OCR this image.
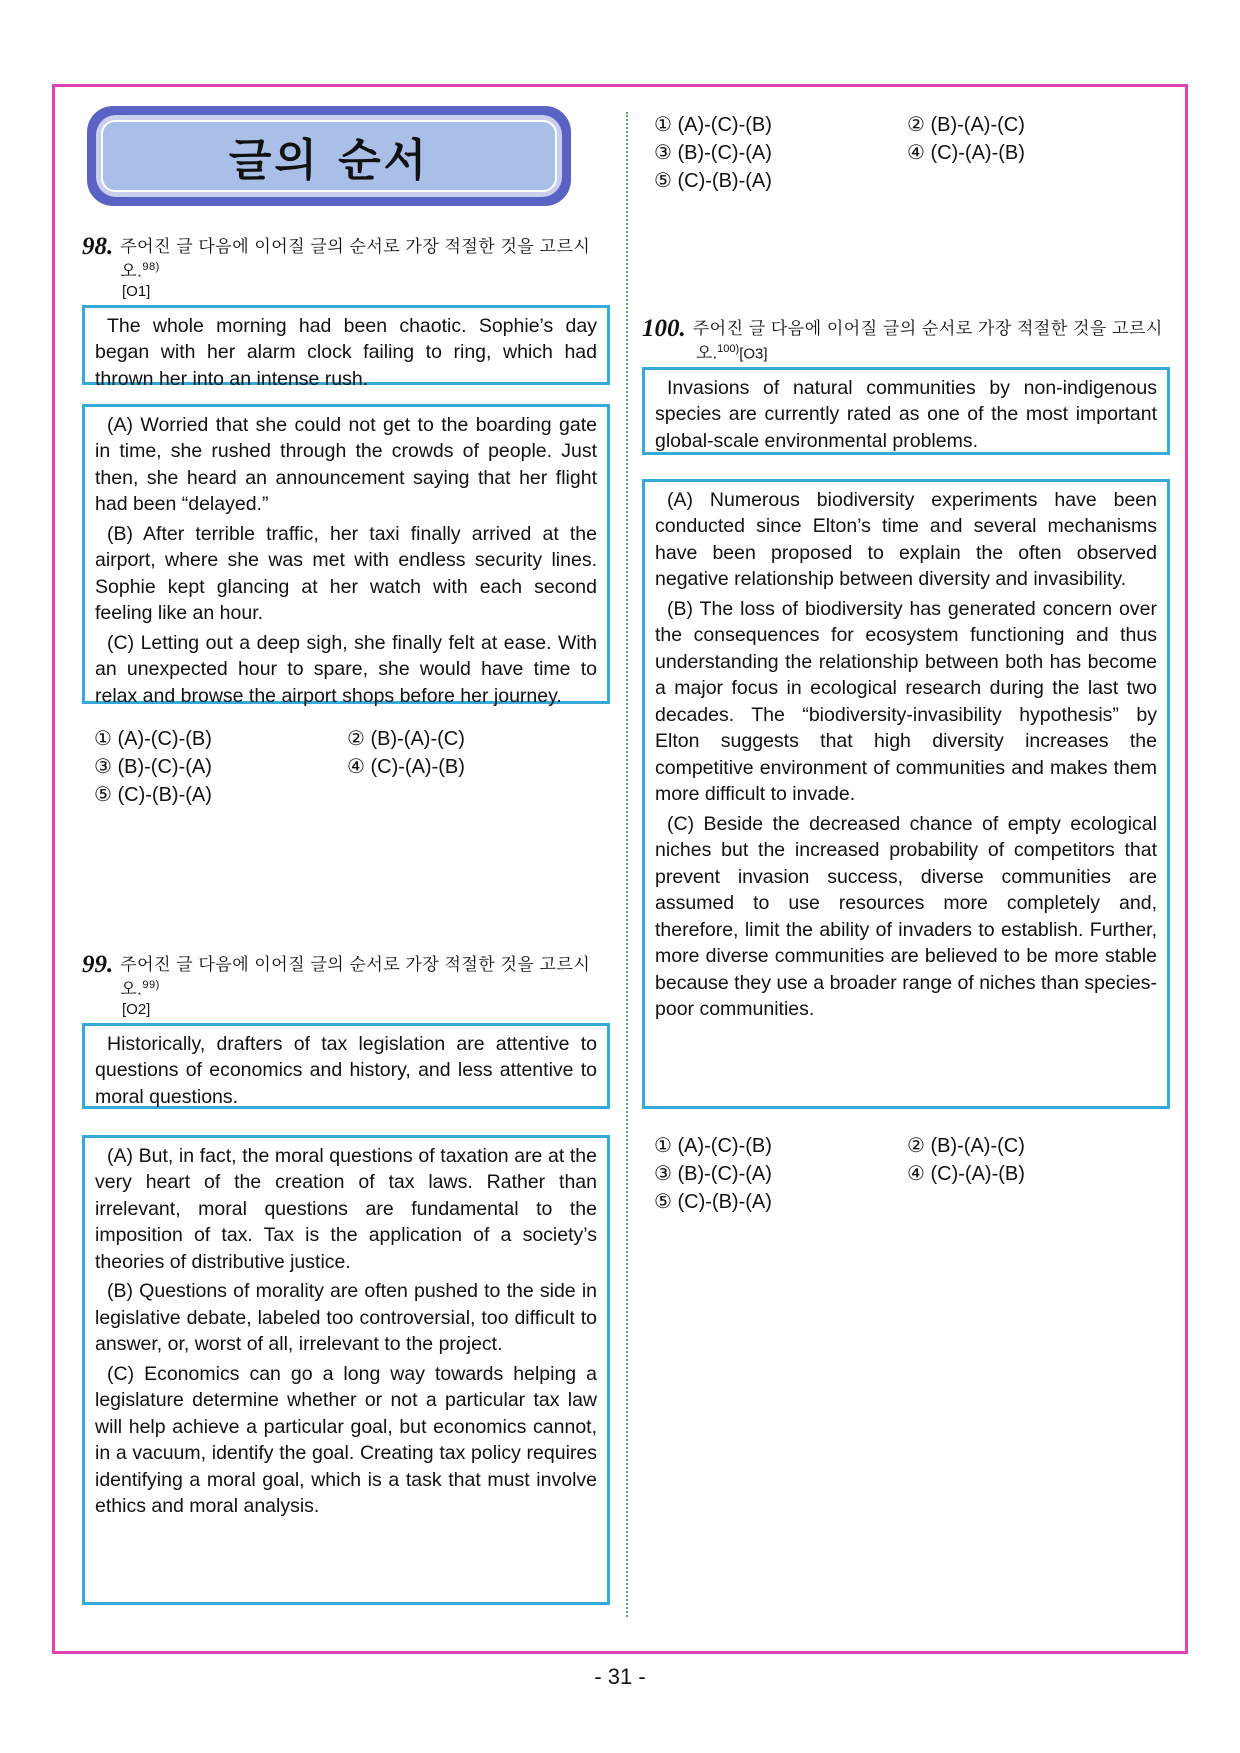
글의 순서
98. 주어진 글 다음에 이어질 글의 순서로 가장 적절한 것을 고르시오.$^{98)}$
[O1]

The whole morning had been chaotic. Sophie’s day began with her alarm clock failing to ring, which had thrown her into an intense rush.

(A) Worried that she could not get to the boarding gate in time, she rushed through the crowds of people. Just then, she heard an announcement saying that her flight had been “delayed.”

(B) After terrible traffic, her taxi finally arrived at the airport, where she was met with endless security lines. Sophie kept glancing at her watch with each second feeling like an hour.

(C) Letting out a deep sigh, she finally felt at ease. With an unexpected hour to spare, she would have time to relax and browse the airport shops before her journey.

① (A)-(C)-(B)	② (B)-(A)-(C)
③ (B)-(C)-(A)	④ (C)-(A)-(B)
⑤ (C)-(B)-(A)
99. 주어진 글 다음에 이어질 글의 순서로 가장 적절한 것을 고르시오.$^{99)}$
[O2]

Historically, drafters of tax legislation are attentive to questions of economics and history, and less attentive to moral questions.

(A) But, in fact, the moral questions of taxation are at the very heart of the creation of tax laws. Rather than irrelevant, moral questions are fundamental to the imposition of tax. Tax is the application of a society’s theories of distributive justice.

(B) Questions of morality are often pushed to the side in legislative debate, labeled too controversial, too difficult to answer, or, worst of all, irrelevant to the project.

(C) Economics can go a long way towards helping a legislature determine whether or not a particular tax law will help achieve a particular goal, but economics cannot, in a vacuum, identify the goal. Creating tax policy requires identifying a moral goal, which is a task that must involve ethics and moral analysis.

① (A)-(C)-(B)	② (B)-(A)-(C)
③ (B)-(C)-(A)	④ (C)-(A)-(B)
⑤ (C)-(B)-(A)
100. 주어진 글 다음에 이어질 글의 순서로 가장 적절한 것을 고르시
오.$^{100)}$[O3]

Invasions of natural communities by non-indigenous species are currently rated as one of the most important global-scale environmental problems.

(A) Numerous biodiversity experiments have been conducted since Elton’s time and several mechanisms have been proposed to explain the often observed negative relationship between diversity and invasibility.

(B) The loss of biodiversity has generated concern over the consequences for ecosystem functioning and thus understanding the relationship between both has become a major focus in ecological research during the last two decades. The “biodiversity-invasibility hypothesis” by Elton suggests that high diversity increases the competitive environment of communities and makes them more difficult to invade.

(C) Beside the decreased chance of empty ecological niches but the increased probability of competitors that prevent invasion success, diverse communities are assumed to use resources more completely and, therefore, limit the ability of invaders to establish. Further, more diverse communities are believed to be more stable because they use a broader range of niches than species-poor communities.

① (A)-(C)-(B)	② (B)-(A)-(C)
③ (B)-(C)-(A)	④ (C)-(A)-(B)
⑤ (C)-(B)-(A)
- 31 -
